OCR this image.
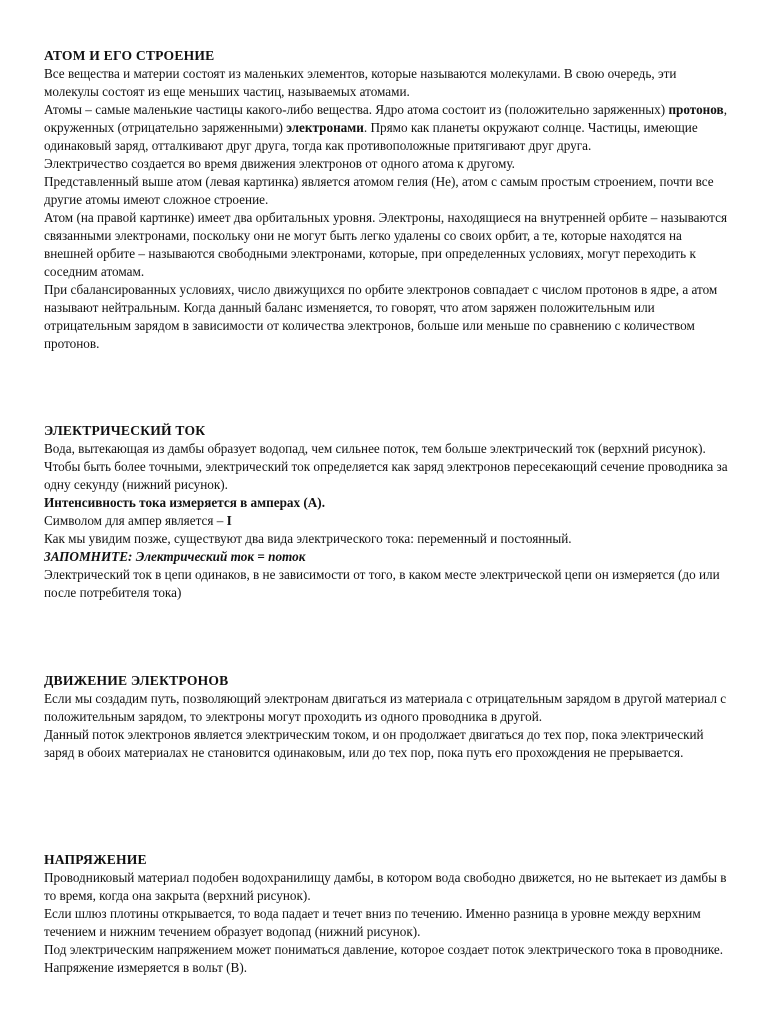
АТОМ И ЕГО СТРОЕНИЕ

Все вещества и материи состоят из маленьких элементов, которые называются молекулами. В свою очередь, эти молекулы состоят из еще меньших частиц, называемых атомами.

Атомы – самые маленькие частицы какого-либо вещества. Ядро атома состоит из (положительно заряженных) протонов, окруженных (отрицательно заряженными) электронами. Прямо как планеты окружают солнце. Частицы, имеющие одинаковый заряд, отталкивают друг друга, тогда как противоположные притягивают друг друга.

Электричество создается во время движения электронов от одного атома к другому.

Представленный выше атом (левая картинка) является атомом гелия (He), атом с самым простым строением, почти все другие атомы имеют сложное строение.

Атом (на правой картинке) имеет два орбитальных уровня. Электроны, находящиеся на внутренней орбите – называются связанными электронами, поскольку они не могут быть легко удалены со своих орбит, а те, которые находятся на внешней орбите – называются свободными электронами, которые, при определенных условиях, могут переходить к соседним атомам.

При сбалансированных условиях, число движущихся по орбите электронов совпадает с числом протонов в ядре, а атом называют нейтральным. Когда данный баланс изменяется, то говорят, что атом заряжен положительным или отрицательным зарядом в зависимости от количества электронов, больше или меньше по сравнению с количеством протонов.

ЭЛЕКТРИЧЕСКИЙ ТОК

Вода, вытекающая из дамбы образует водопад, чем сильнее поток, тем больше электрический ток (верхний рисунок).

Чтобы быть более точными, электрический ток определяется как заряд электронов пересекающий сечение проводника за одну секунду (нижний рисунок).

Интенсивность тока измеряется в амперах (А).

Символом для ампер является – I

Как мы увидим позже, существуют два вида электрического тока: переменный и постоянный.

ЗАПОМНИТЕ: Электрический ток = поток

Электрический ток в цепи одинаков, в не зависимости от того, в каком месте электрической цепи он измеряется (до или после потребителя тока)

ДВИЖЕНИЕ ЭЛЕКТРОНОВ

Если мы создадим путь, позволяющий электронам двигаться из материала с отрицательным зарядом в другой материал с положительным зарядом, то электроны могут проходить из одного проводника в другой.

Данный поток электронов является электрическим током, и он продолжает двигаться до тех пор, пока электрический заряд в обоих материалах не становится одинаковым, или до тех пор, пока путь его прохождения не прерывается.

НАПРЯЖЕНИЕ

Проводниковый материал подобен водохранилищу дамбы, в котором вода свободно движется, но не вытекает из дамбы в то время, когда она закрыта (верхний рисунок).

Если шлюз плотины открывается, то вода падает и течет вниз по течению. Именно разница в уровне между верхним течением и нижним течением образует водопад (нижний рисунок).

Под электрическим напряжением может пониматься давление, которое создает поток электрического тока в проводнике. Напряжение измеряется в вольт (В).
